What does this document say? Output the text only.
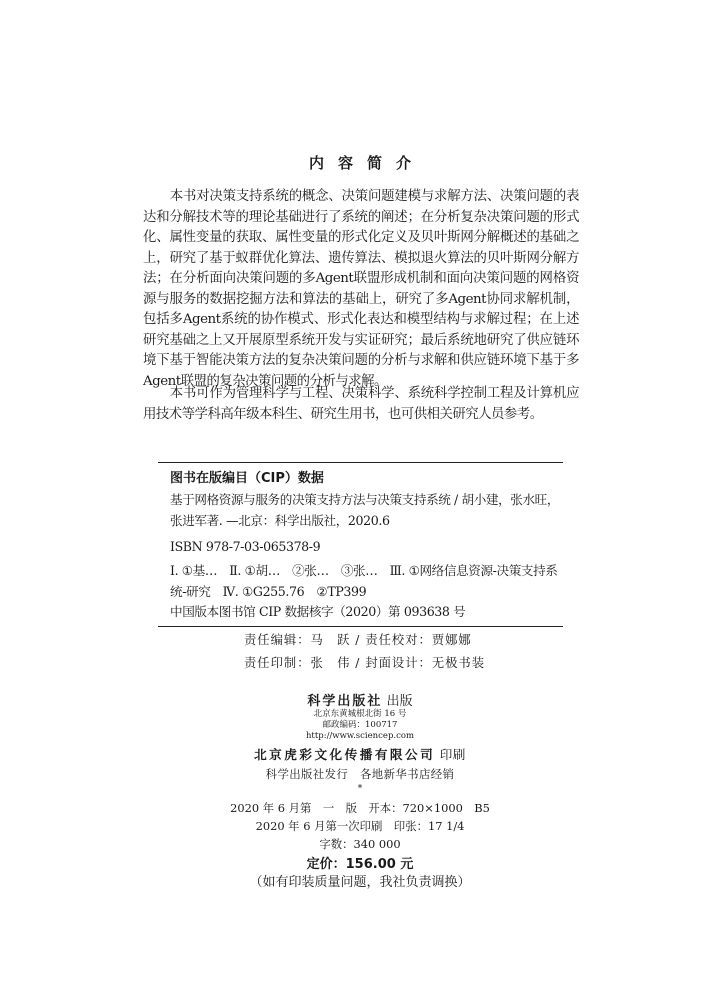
内容简介

本书对决策支持系统的概念、决策问题建模与求解方法、决策问题的表达和分解技术等的理论基础进行了系统的阐述；在分析复杂决策问题的形式化、属性变量的获取、属性变量的形式化定义及贝叶斯网分解概述的基础之上，研究了基于蚁群优化算法、遗传算法、模拟退火算法的贝叶斯网分解方法；在分析面向决策问题的多Agent联盟形成机制和面向决策问题的网格资源与服务的数据挖掘方法和算法的基础上，研究了多Agent协同求解机制，包括多Agent系统的协作模式、形式化表达和模型结构与求解过程；在上述研究基础之上又开展原型系统开发与实证研究；最后系统地研究了供应链环境下基于智能决策方法的复杂决策问题的分析与求解和供应链环境下基于多Agent联盟的复杂决策问题的分析与求解。

本书可作为管理科学与工程、决策科学、系统科学控制工程及计算机应用技术等学科高年级本科生、研究生用书，也可供相关研究人员参考。

图书在版编目（CIP）数据
基于网格资源与服务的决策支持方法与决策支持系统 / 胡小建，张水旺，张进军著. —北京：科学出版社，2020.6
ISBN 978-7-03-065378-9
Ⅰ. ①基…　Ⅱ. ①胡…　②张…　③张…　Ⅲ. ①网络信息资源-决策支持系统-研究　Ⅳ. ①G255.76　②TP399
中国版本图书馆 CIP 数据核字（2020）第 093638 号
责任编辑：马　跃 / 责任校对：贾娜娜
责任印制：张　伟 / 封面设计：无极书装
科学出版社 出版
北京东黄城根北街 16 号
邮政编码：100717
http://www.sciencep.com
北京虎彩文化传播有限公司 印刷
科学出版社发行　各地新华书店经销
*
2020 年 6 月第　一　版　开本：720×1000　B5
2020 年 6 月第一次印刷　印张：17 1/4
字数：340 000
定价：156.00 元
（如有印装质量问题，我社负责调换）
